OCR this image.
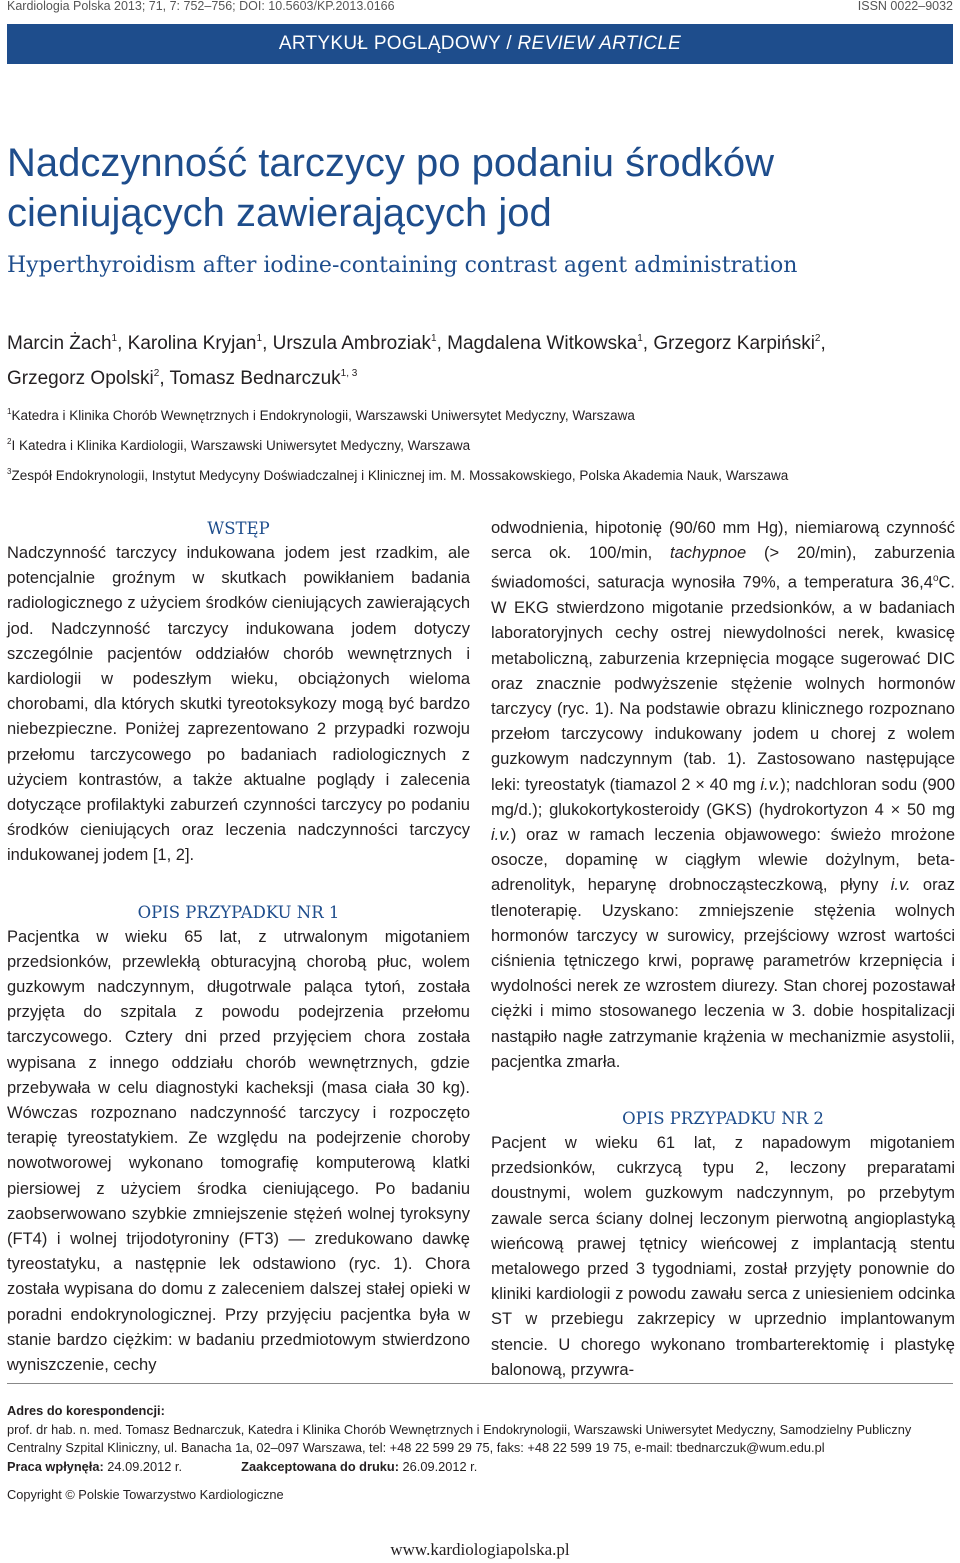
Kardiologia Polska 2013; 71, 7: 752–756; DOI: 10.5603/KP.2013.0166	ISSN 0022–9032
ARTYKUŁ POGLĄDOWY / REVIEW ARTICLE
Nadczynność tarczycy po podaniu środków
cieniujących zawierających jod
Hyperthyroidism after iodine-containing contrast agent administration
Marcin Żach$^1$, Karolina Kryjan$^1$, Urszula Ambroziak$^1$, Magdalena Witkowska$^1$, Grzegorz Karpiński$^2$,
Grzegorz Opolski$^2$, Tomasz Bednarczuk$^{1, 3}$
$^1$Katedra i Klinika Chorób Wewnętrznych i Endokrynologii, Warszawski Uniwersytet Medyczny, Warszawa
$^2$I Katedra i Klinika Kardiologii, Warszawski Uniwersytet Medyczny, Warszawa
$^3$Zespół Endokrynologii, Instytut Medycyny Doświadczalnej i Klinicznej im. M. Mossakowskiego, Polska Akademia Nauk, Warszawa
WSTĘP

Nadczynność tarczycy indukowana jodem jest rzadkim, ale potencjalnie groźnym w skutkach powikłaniem badania radiologicznego z użyciem środków cieniujących zawierających jod. Nadczynność tarczycy indukowana jodem dotyczy szczególnie pacjentów oddziałów chorób wewnętrznych i kardiologii w podeszłym wieku, obciążonych wieloma chorobami, dla których skutki tyreotoksykozy mogą być bardzo niebezpieczne. Poniżej zaprezentowano 2 przypadki rozwoju przełomu tarczycowego po badaniach radiologicznych z użyciem kontrastów, a także aktualne poglądy i zalecenia dotyczące profilaktyki zaburzeń czynności tarczycy po podaniu środków cieniujących oraz leczenia nadczynności tarczycy indukowanej jodem [1, 2].

OPIS PRZYPADKU NR 1

Pacjentka w wieku 65 lat, z utrwalonym migotaniem przedsionków, przewlekłą obturacyjną chorobą płuc, wolem guzkowym nadczynnym, długotrwale paląca tytoń, została przyjęta do szpitala z powodu podejrzenia przełomu tarczycowego. Cztery dni przed przyjęciem chora została wypisana z innego oddziału chorób wewnętrznych, gdzie przebywała w celu diagnostyki kacheksji (masa ciała 30 kg). Wówczas rozpoznano nadczynność tarczycy i rozpoczęto terapię tyreostatykiem. Ze względu na podejrzenie choroby nowotworowej wykonano tomografię komputerową klatki piersiowej z użyciem środka cieniującego. Po badaniu zaobserwowano szybkie zmniejszenie stężeń wolnej tyroksyny (FT4) i wolnej trijodotyroniny (FT3) — zredukowano dawkę tyreostatyku, a następnie lek odstawiono (ryc. 1). Chora została wypisana do domu z zaleceniem dalszej stałej opieki w poradni endokrynologicznej. Przy przyjęciu pacjentka była w stanie bardzo ciężkim: w badaniu przedmiotowym stwierdzono wyniszczenie, cechy

odwodnienia, hipotonię (90/60 mm Hg), niemiarową czynność serca ok. 100/min, tachypnoe (> 20/min), zaburzenia świadomości, saturacja wynosiła 79%, a temperatura 36,4$^o$C. W EKG stwierdzono migotanie przedsionków, a w badaniach laboratoryjnych cechy ostrej niewydolności nerek, kwasicę metaboliczną, zaburzenia krzepnięcia mogące sugerować DIC oraz znacznie podwyższenie stężenie wolnych hormonów tarczycy (ryc. 1). Na podstawie obrazu klinicznego rozpoznano przełom tarczycowy indukowany jodem u chorej z wolem guzkowym nadczynnym (tab. 1). Zastosowano następujące leki: tyreostatyk (tiamazol 2 × 40 mg i.v.); nadchloran sodu (900 mg/d.); glukokortykosteroidy (GKS) (hydrokortyzon 4 × 50 mg i.v.) oraz w ramach leczenia objawowego: świeżo mrożone osocze, dopaminę w ciągłym wlewie dożylnym, beta-adrenolityk, heparynę drobnocząsteczkową, płyny i.v. oraz tlenoterapię. Uzyskano: zmniejszenie stężenia wolnych hormonów tarczycy w surowicy, przejściowy wzrost wartości ciśnienia tętniczego krwi, poprawę parametrów krzepnięcia i wydolności nerek ze wzrostem diurezy. Stan chorej pozostawał ciężki i mimo stosowanego leczenia w 3. dobie hospitalizacji nastąpiło nagłe zatrzymanie krążenia w mechanizmie asystolii, pacjentka zmarła.

OPIS PRZYPADKU NR 2

Pacjent w wieku 61 lat, z napadowym migotaniem przedsionków, cukrzycą typu 2, leczony preparatami doustnymi, wolem guzkowym nadczynnym, po przebytym zawale serca ściany dolnej leczonym pierwotną angioplastyką wieńcową prawej tętnicy wieńcowej z implantacją stentu metalowego przed 3 tygodniami, został przyjęty ponownie do kliniki kardiologii z powodu zawału serca z uniesieniem odcinka ST w przebiegu zakrzepicy w uprzednio implantowanym stencie. U chorego wykonano trombarterektomię i plastykę balonową, przywra-

Adres do korespondencji:
prof. dr hab. n. med. Tomasz Bednarczuk, Katedra i Klinika Chorób Wewnętrznych i Endokrynologii, Warszawski Uniwersytet Medyczny, Samodzielny Publiczny
Centralny Szpital Kliniczny, ul. Banacha 1a, 02–097 Warszawa, tel: +48 22 599 29 75, faks: +48 22 599 19 75, e-mail: tbednarczuk@wum.edu.pl
Praca wpłynęła: 24.09.2012 r.	Zaakceptowana do druku: 26.09.2012 r.
Copyright © Polskie Towarzystwo Kardiologiczne
www.kardiologiapolska.pl
